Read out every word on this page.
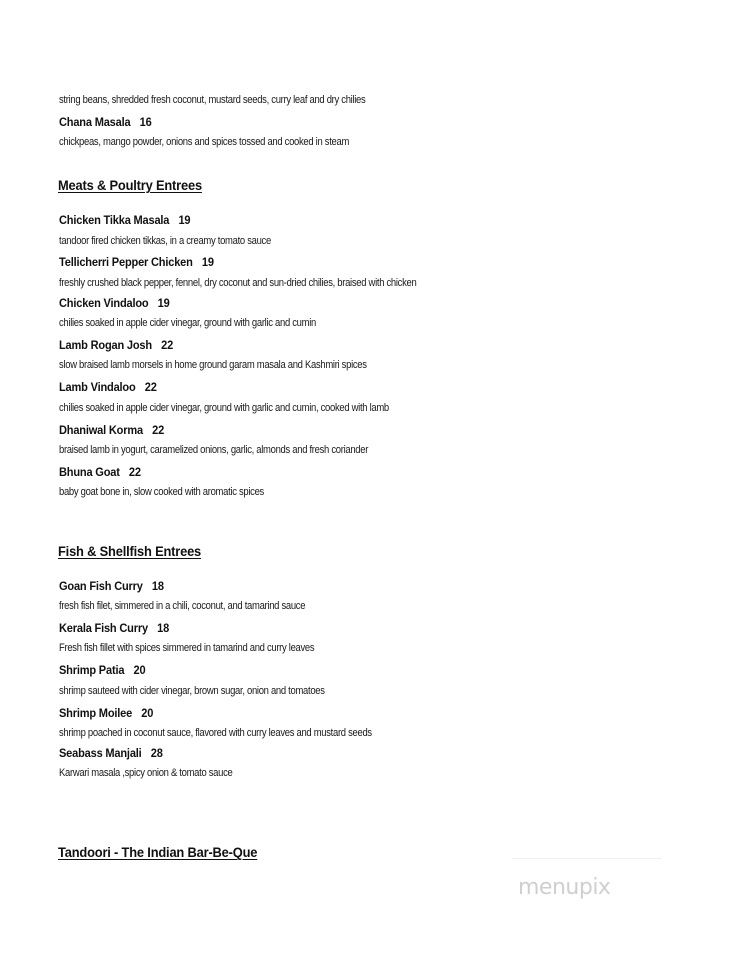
string beans, shredded fresh coconut, mustard seeds, curry leaf and dry chilies
Chana Masala 16
chickpeas, mango powder, onions and spices tossed and cooked in steam
Meats & Poultry Entrees
Chicken Tikka Masala 19
tandoor fired chicken tikkas, in a creamy tomato sauce
Tellicherri Pepper Chicken 19
freshly crushed black pepper, fennel, dry coconut and sun-dried chilies, braised with chicken
Chicken Vindaloo 19
chilies soaked in apple cider vinegar, ground with garlic and cumin
Lamb Rogan Josh 22
slow braised lamb morsels in home ground garam masala and Kashmiri spices
Lamb Vindaloo 22
chilies soaked in apple cider vinegar, ground with garlic and cumin, cooked with lamb
Dhaniwal Korma 22
braised lamb in yogurt, caramelized onions, garlic, almonds and fresh coriander
Bhuna Goat 22
baby goat bone in, slow cooked with aromatic spices
Fish & Shellfish Entrees
Goan Fish Curry 18
fresh fish filet, simmered in a chili, coconut, and tamarind sauce
Kerala Fish Curry 18
Fresh fish fillet with spices simmered in tamarind and curry leaves
Shrimp Patia 20
shrimp sauteed with cider vinegar, brown sugar, onion and tomatoes
Shrimp Moilee 20
shrimp poached in coconut sauce, flavored with curry leaves and mustard seeds
Seabass Manjali 28
Karwari masala ,spicy onion & tomato sauce
Tandoori - The Indian Bar-Be-Que
menupix
